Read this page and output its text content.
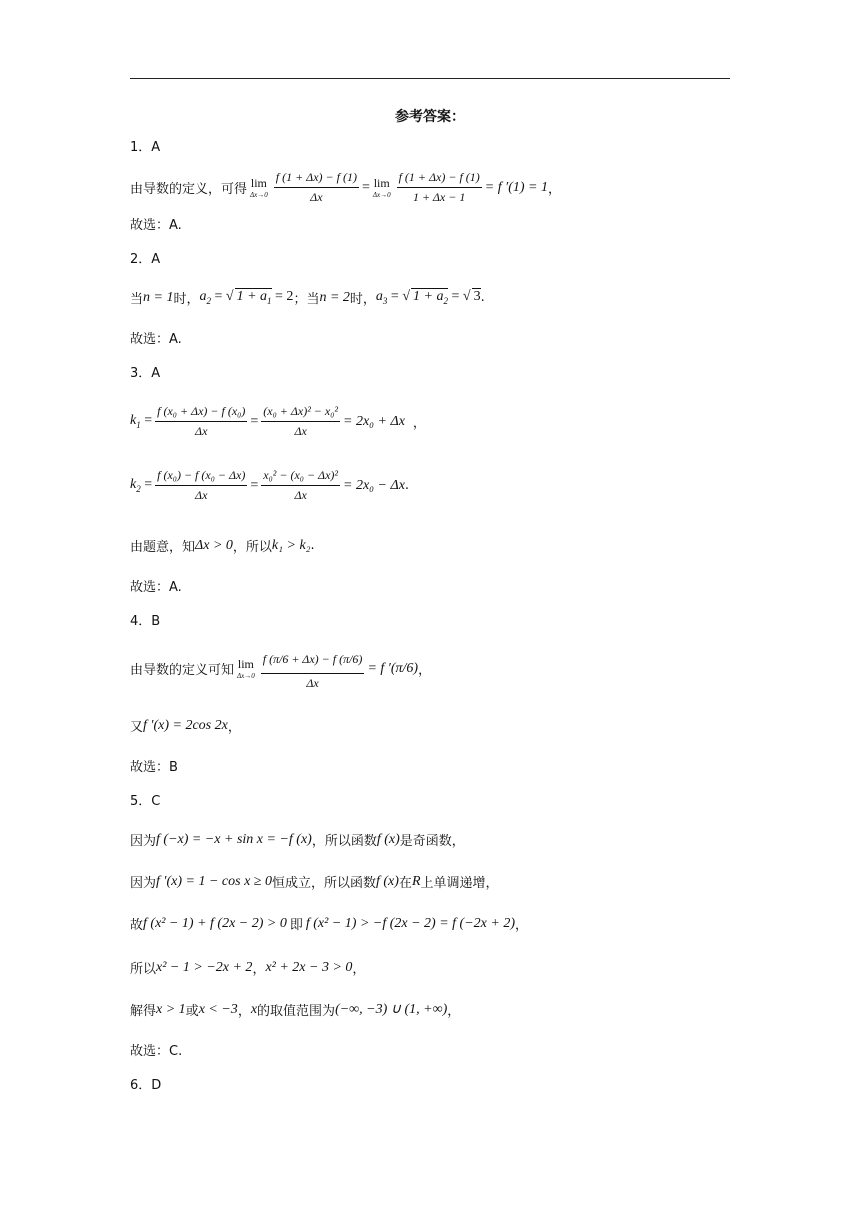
参考答案：
1．A
由导数的定义，可得 lim
$\Delta x\to 0 \frac{f (1 + \Delta x) - f (1)}{\Delta x} = \lim$
$\Delta x\to 0 \frac{f (1 + \Delta x) - f (1)}{1 + \Delta x - 1} = f$ ′(1) = 1 ，
故选：A.
2．A
当 n = 1 时， $a_2$ = √ $1 + a_1 = 2$ ；当 n = 2 时， $a_3$ = √ $1 + a_2$ = √ 3 .
故选：A.
3．A
$k_1 = \frac{\text{f (x₀ + Δx) − f (x₀)}}{\Delta x} = \frac{\text{(x₀ + Δx)² − x₀²}}{\Delta x} = 2x_0 + \Delta x$ ，
$k_2 = \frac{\text{f (x₀) − f (x₀ − Δx)}}{\Delta x} = \frac{\text{x₀² − (x₀ − Δx)²}}{\Delta x} = 2x_0 - \Delta x$ .
由题意，知 Δx > 0 ，所以 k₁ > k₂ .
故选：A.
4．B
由导数的定义可知 lim
$\Delta x\to 0 \frac{f (\pi/6 + \Delta x) - f (\pi/6)}{\Delta x} = f$ ′(π/6) ，
又 f ′(x) = 2cos 2x ，
故选：B
5．C
因为 f (−x) = −x + sin x = −f (x) ，所以函数 f (x) 是奇函数，
因为 f ′(x) = 1 − cos x ≥ 0 恒成立，所以函数 f (x) 在 R 上单调递增，
故 f (x² − 1) + f (2x − 2) > 0 即 f (x² − 1) > −f (2x − 2) = f (−2x + 2) ，
所以 x² − 1 > −2x + 2 ， x² + 2x − 3 > 0 ，
解得 x > 1 或 x < −3 ， x 的取值范围为 (−∞, −3) ∪ (1, +∞) ，
故选：C.
6．D
